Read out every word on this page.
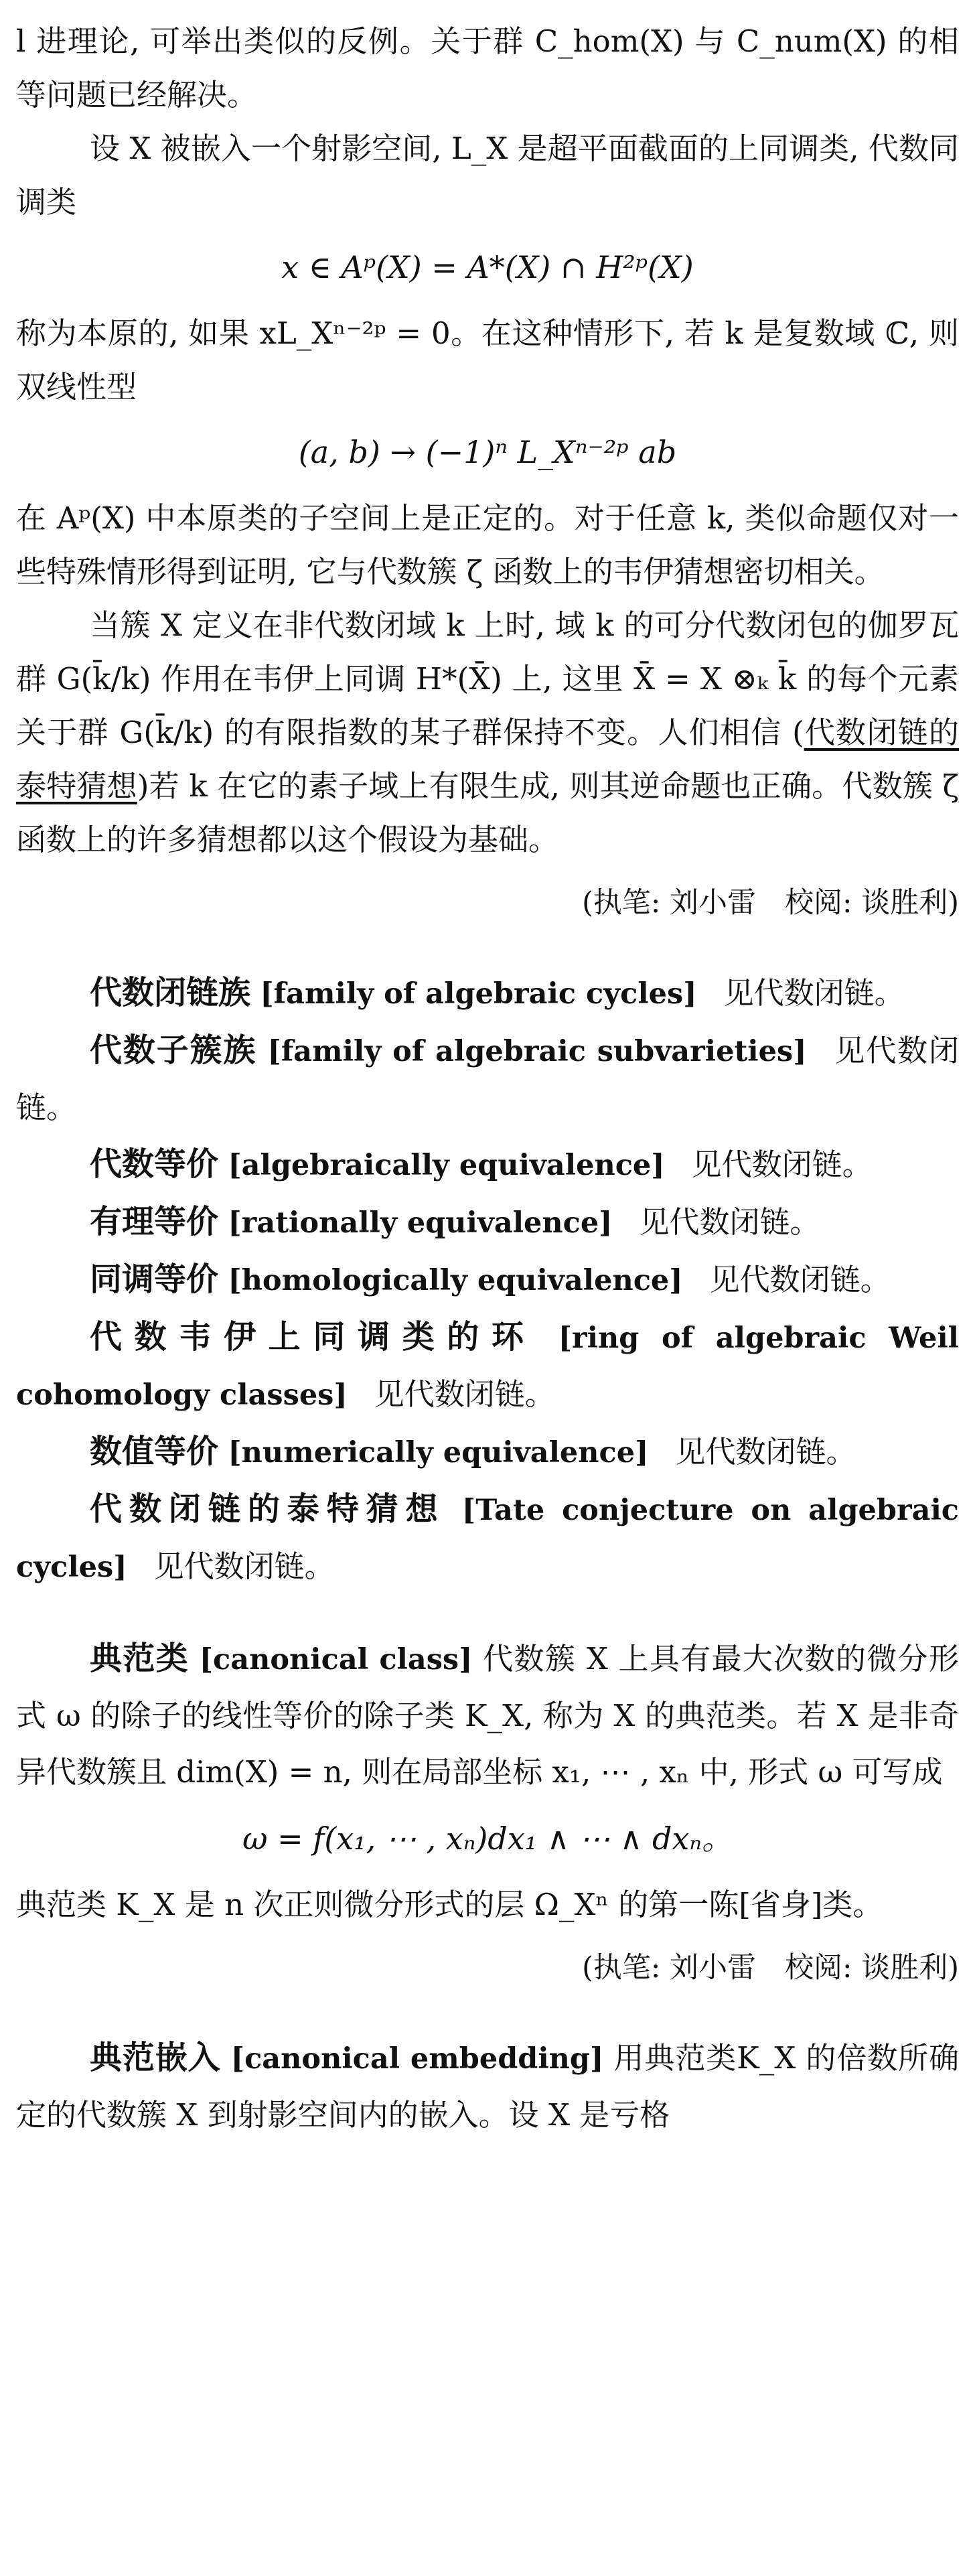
l 进理论, 可举出类似的反例。关于群 C_hom(X) 与 C_num(X) 的相等问题已经解决。

设 X 被嵌入一个射影空间, L_X 是超平面截面的上同调类, 代数同调类

x ∈ Aᵖ(X) = A*(X) ∩ H²ᵖ(X)

称为本原的, 如果 xL_Xⁿ⁻²ᵖ = 0。在这种情形下, 若 k 是复数域 ℂ, 则双线性型

(a, b) → (−1)ⁿ L_Xⁿ⁻²ᵖ ab

在 Aᵖ(X) 中本原类的子空间上是正定的。对于任意 k, 类似命题仅对一些特殊情形得到证明, 它与代数簇 ζ 函数上的韦伊猜想密切相关。

当簇 X 定义在非代数闭域 k 上时, 域 k 的可分代数闭包的伽罗瓦群 G(k̄/k) 作用在韦伊上同调 H*(X̄) 上, 这里 X̄ = X ⊗ₖ k̄ 的每个元素关于群 G(k̄/k) 的有限指数的某子群保持不变。人们相信 (代数闭链的泰特猜想)若 k 在它的素子域上有限生成, 则其逆命题也正确。代数簇 ζ 函数上的许多猜想都以这个假设为基础。

(执笔: 刘小雷　校阅: 谈胜利)

代数闭链族 [family of algebraic cycles] 见代数闭链。

代数子簇族 [family of algebraic subvarieties] 见代数闭链。

代数等价 [algebraically equivalence] 见代数闭链。

有理等价 [rationally equivalence] 见代数闭链。

同调等价 [homologically equivalence] 见代数闭链。

代数韦伊上同调类的环 [ring of algebraic Weil cohomology classes] 见代数闭链。

数值等价 [numerically equivalence] 见代数闭链。

代数闭链的泰特猜想 [Tate conjecture on algebraic cycles] 见代数闭链。

典范类 [canonical class] 代数簇 X 上具有最大次数的微分形式 ω 的除子的线性等价的除子类 K_X, 称为 X 的典范类。若 X 是非奇异代数簇且 dim(X) = n, 则在局部坐标 x₁, ⋯ , xₙ 中, 形式 ω 可写成

ω = f(x₁, ⋯ , xₙ)dx₁ ∧ ⋯ ∧ dxₙ。

典范类 K_X 是 n 次正则微分形式的层 Ω_Xⁿ 的第一陈[省身]类。

(执笔: 刘小雷　校阅: 谈胜利)

典范嵌入 [canonical embedding] 用典范类K_X 的倍数所确定的代数簇 X 到射影空间内的嵌入。设 X 是亏格
